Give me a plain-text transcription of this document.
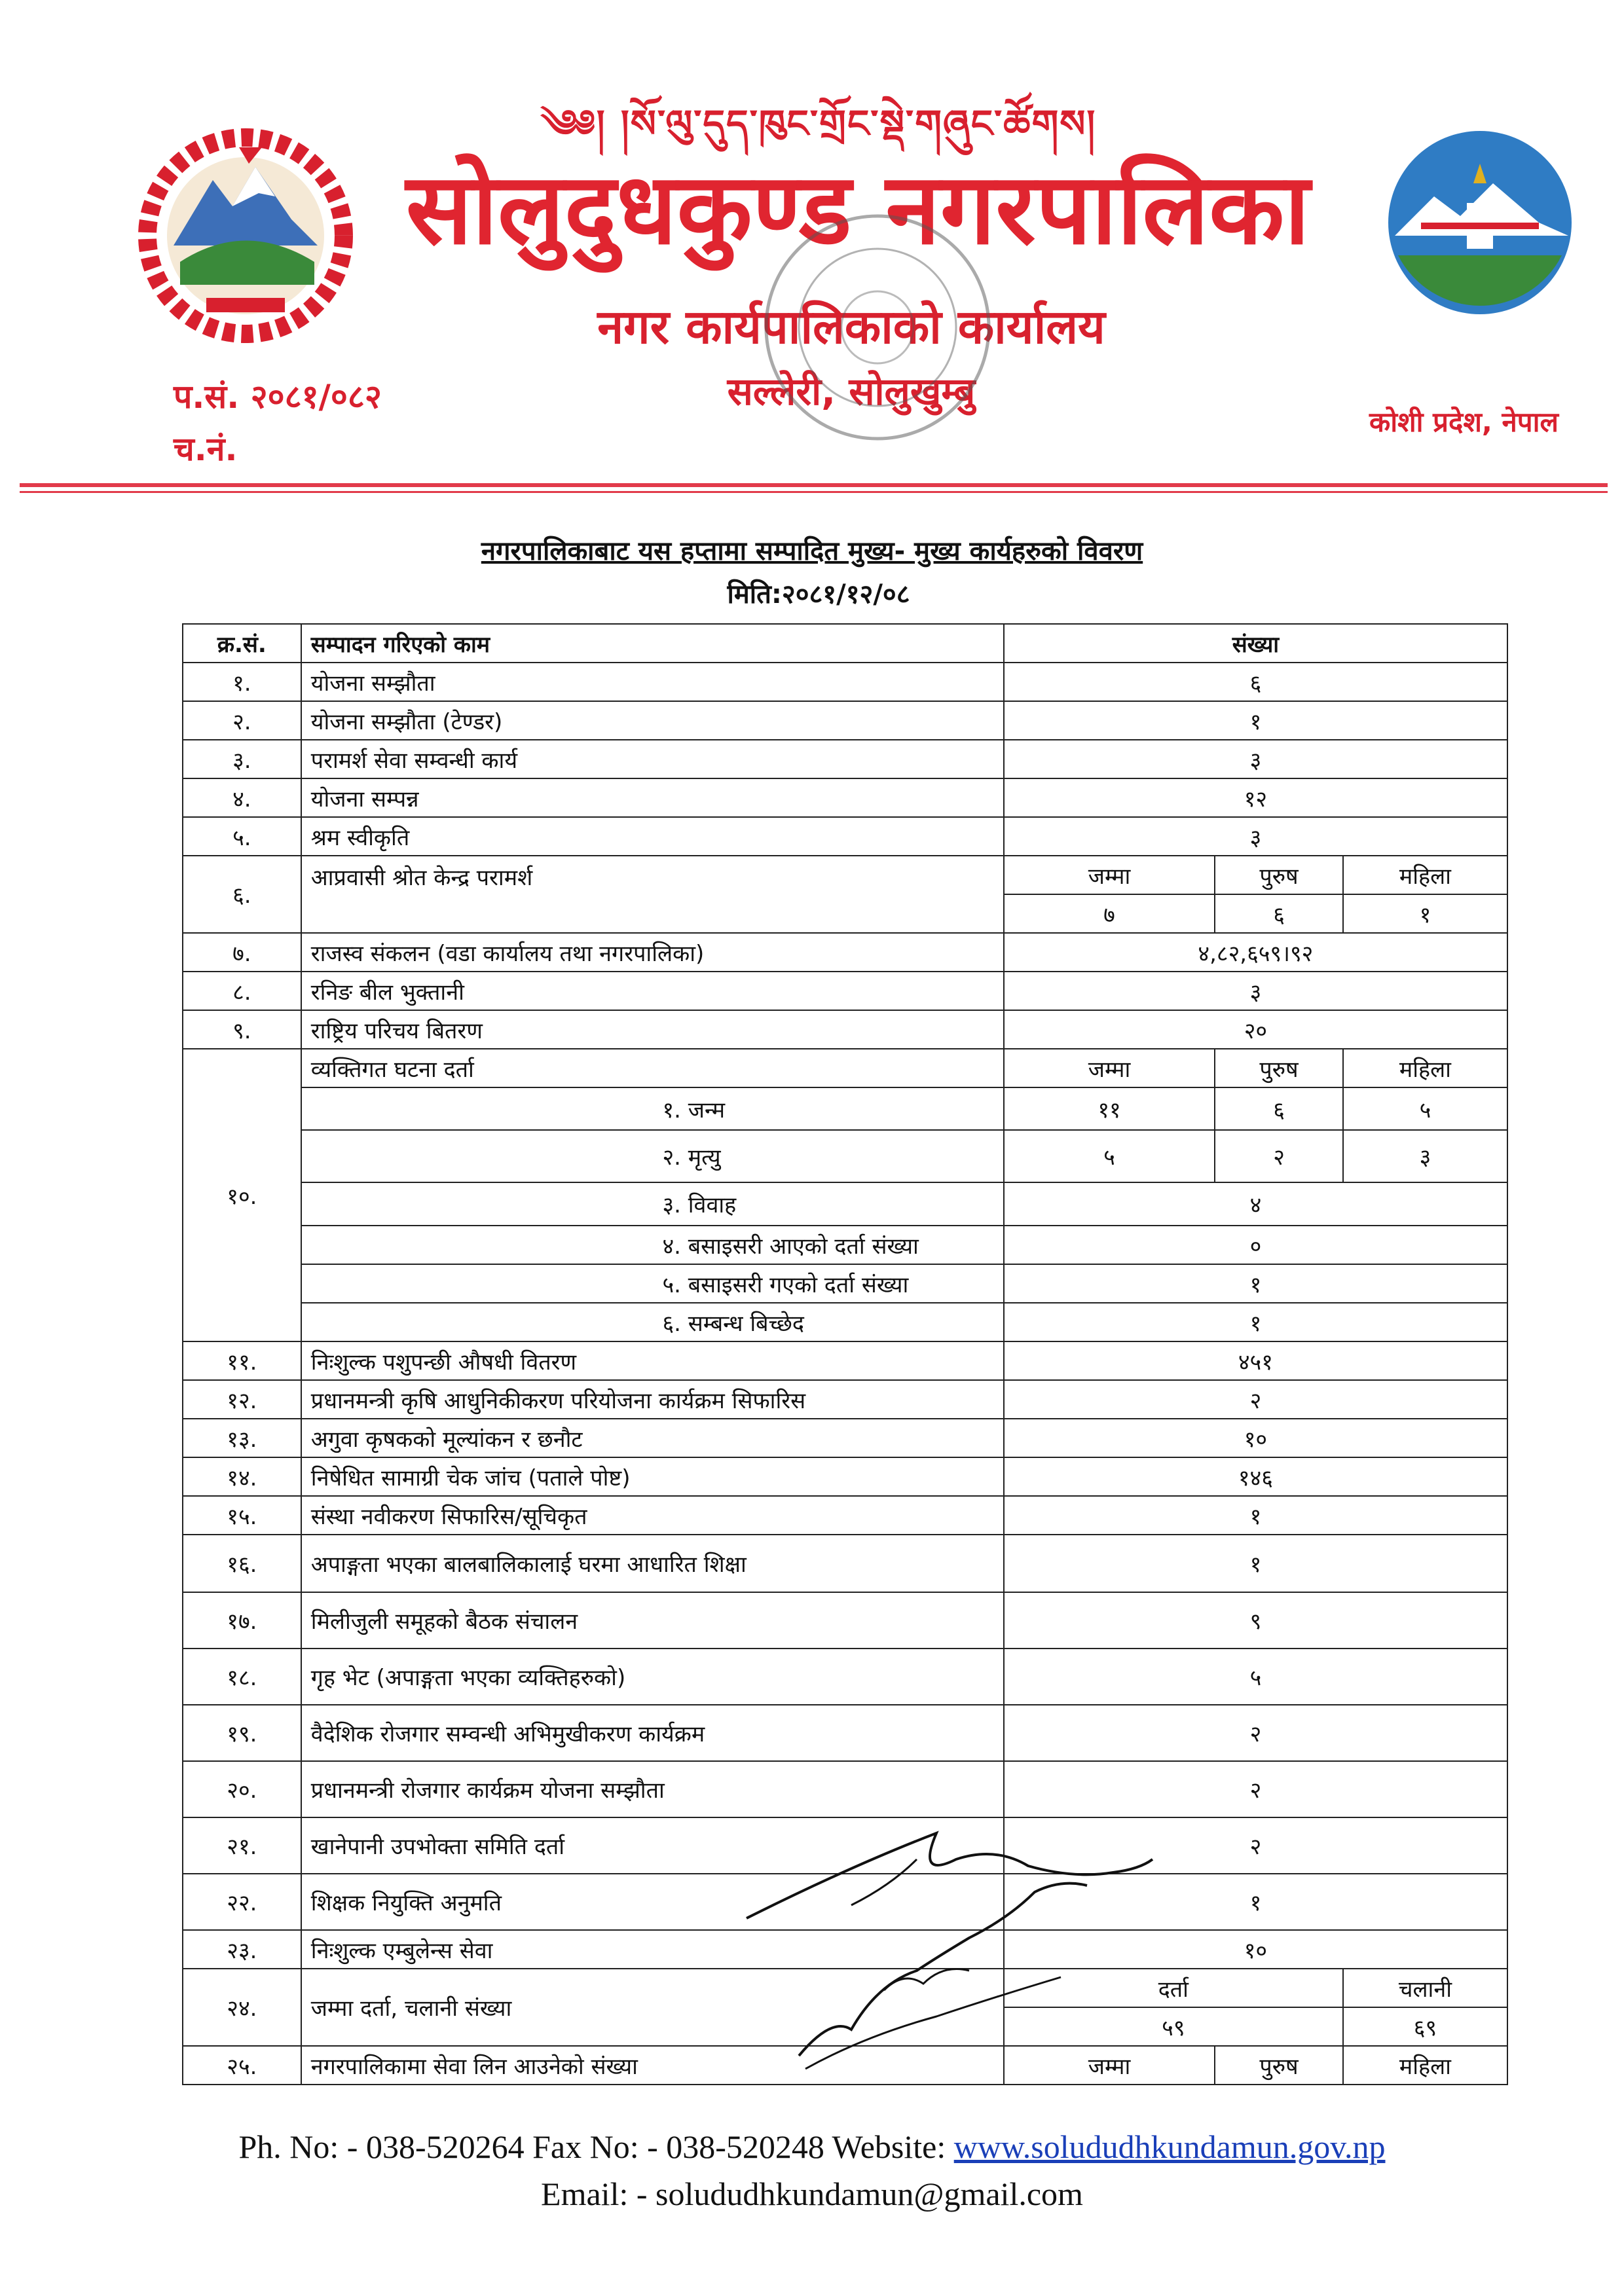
༄༅། །སོ་ལུ་དུད་ཁུང་གྲོང་སྡེ་གཞུང་ཚོགས།
सोलुदुधकुण्ड नगरपालिका
नगर कार्यपालिकाको कार्यालय
सल्लेरी, सोलुखुम्बु
प.सं. २०८१/०८२
च.नं.
कोशी प्रदेश, नेपाल
नगरपालिकाबाट यस हप्तामा सम्पादित मुख्य- मुख्य कार्यहरुको विवरण
मिति:२०८१/१२/०८
क्र.सं.	सम्पादन गरिएको काम		संख्या		
१.	योजना सम्झौता		६		
२.	योजना सम्झौता (टेण्डर)		१		
३.	परामर्श सेवा सम्वन्धी कार्य		३		
४.	योजना सम्पन्न		१२		
५.	श्रम स्वीकृति		३		
६.	आप्रवासी श्रोत केन्द्र परामर्श		जम्मा	पुरुष	महिला
			७	६	१
७.	राजस्व संकलन (वडा कार्यालय तथा नगरपालिका)		४,८२,६५९।९२		
८.	रनिङ बील भुक्तानी		३		
९.	राष्ट्रिय परिचय बितरण		२०		
१०.	व्यक्तिगत घटना दर्ता		जम्मा	पुरुष	महिला
		१. जन्म	११	६	५
		२. मृत्यु	५	२	३
		३. विवाह	४		
		४. बसाइसरी आएको दर्ता संख्या	०		
		५. बसाइसरी गएको दर्ता संख्या	१		
		६. सम्बन्ध बिच्छेद	१		
११.	निःशुल्क पशुपन्छी औषधी वितरण		४५१		
१२.	प्रधानमन्त्री कृषि आधुनिकीकरण परियोजना कार्यक्रम सिफारिस		२		
१३.	अगुवा कृषकको मूल्यांकन र छनौट		१०		
१४.	निषेधित सामाग्री चेक जांच (पताले पोष्ट)		१४६		
१५.	संस्था नवीकरण सिफारिस/सूचिकृत		१		
१६.	अपाङ्गता भएका बालबालिकालाई घरमा आधारित शिक्षा		१		
१७.	मिलीजुली समूहको बैठक संचालन		९		
१८.	गृह भेट (अपाङ्गता भएका व्यक्तिहरुको)		५		
१९.	वैदेशिक रोजगार सम्वन्धी अभिमुखीकरण कार्यक्रम		२		
२०.	प्रधानमन्त्री रोजगार कार्यक्रम योजना सम्झौता		२		
२१.	खानेपानी उपभोक्ता समिति दर्ता		२		
२२.	शिक्षक नियुक्ति अनुमति		१		
२३.	निःशुल्क एम्बुलेन्स सेवा		१०		
२४.	जम्मा दर्ता, चलानी संख्या		दर्ता		चलानी
			५९		६९
२५.	नगरपालिकामा सेवा लिन आउनेको संख्या		जम्मा	पुरुष	महिला
Ph. No: - 038-520264 Fax No: - 038-520248 Website: www.solududhkundamun.gov.np
Email: - solududhkundamun@gmail.com
